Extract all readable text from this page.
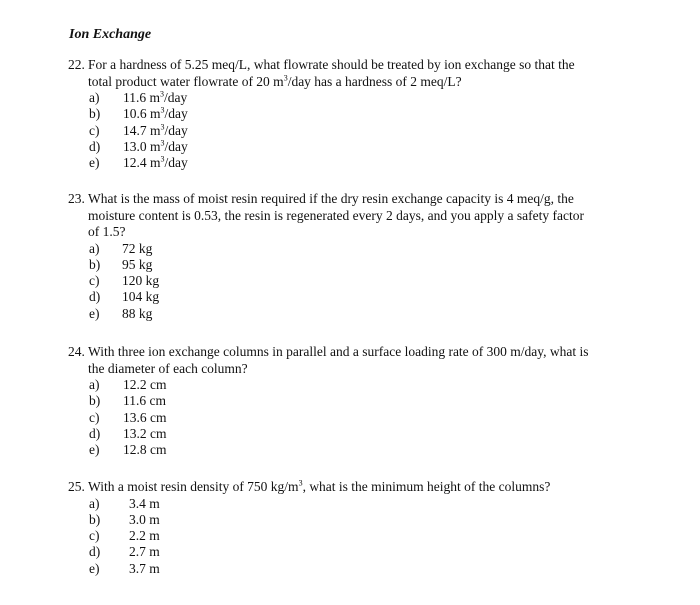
Ion Exchange
22. For a hardness of 5.25 meq/L, what flowrate should be treated by ion exchange so that the
total product water flowrate of 20 $m^3$/day has a hardness of 2 meq/L?
a)	11.6 $m^3$/day
b)	10.6 $m^3$/day
c)	14.7 $m^3$/day
d)	13.0 $m^3$/day
e)	12.4 $m^3$/day
23. What is the mass of moist resin required if the dry resin exchange capacity is 4 meq/g, the
moisture content is 0.53, the resin is regenerated every 2 days, and you apply a safety factor
of 1.5?
a)	72 kg
b)	95 kg
c)	120 kg
d)	104 kg
e)	88 kg
24. With three ion exchange columns in parallel and a surface loading rate of 300 m/day, what is
the diameter of each column?
a)	12.2 cm
b)	11.6 cm
c)	13.6 cm
d)	13.2 cm
e)	12.8 cm
25. With a moist resin density of 750 $kg/m^3$, what is the minimum height of the columns?
a)	3.4 m
b)	3.0 m
c)	2.2 m
d)	2.7 m
e)	3.7 m
